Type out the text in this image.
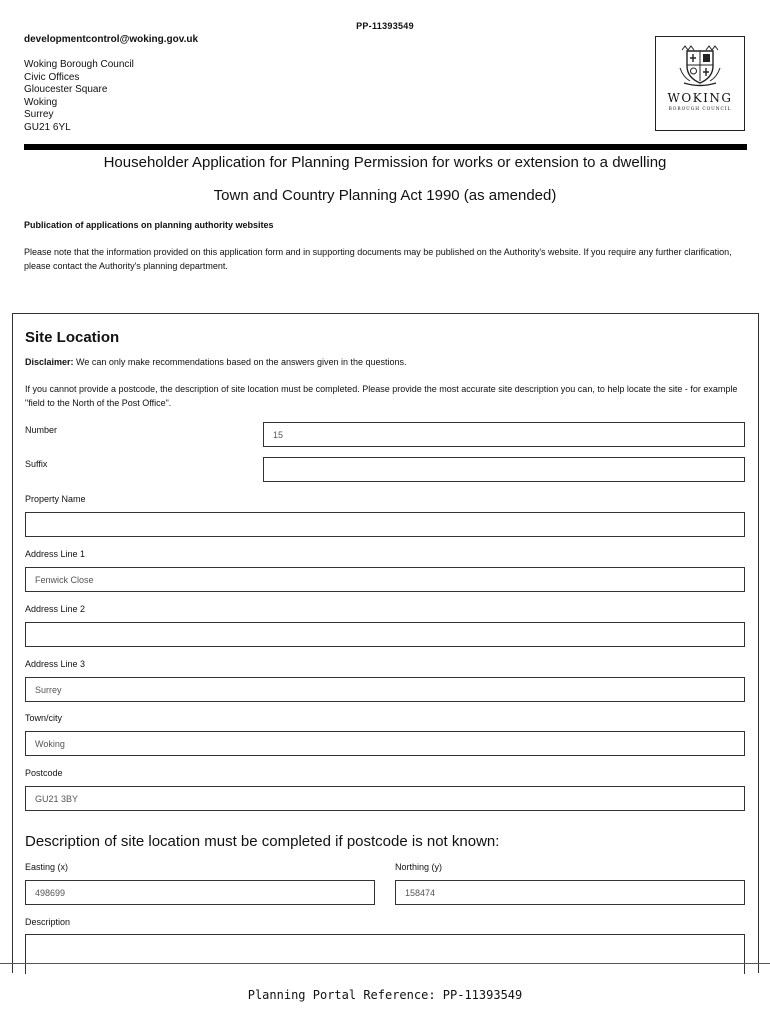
PP-11393549
developmentcontrol@woking.gov.uk
Woking Borough Council
Civic Offices
Gloucester Square
Woking
Surrey
GU21 6YL
WOKING
BOROUGH COUNCIL
Householder Application for Planning Permission for works or extension to a dwelling
Town and Country Planning Act 1990 (as amended)
Publication of applications on planning authority websites
Please note that the information provided on this application form and in supporting documents may be published on the Authority's website. If you require any further clarification, please contact the Authority's planning department.
Site Location
Disclaimer: We can only make recommendations based on the answers given in the questions.
If you cannot provide a postcode, the description of site location must be completed. Please provide the most accurate site description you can, to help locate the site - for example "field to the North of the Post Office".
Number	15
Suffix
Property Name
Address Line 1
Fenwick Close
Address Line 2
Address Line 3
Surrey
Town/city
Woking
Postcode
GU21 3BY
Description of site location must be completed if postcode is not known:
Easting (x)
498699
Northing (y)
158474
Description
Planning Portal Reference: PP-11393549
